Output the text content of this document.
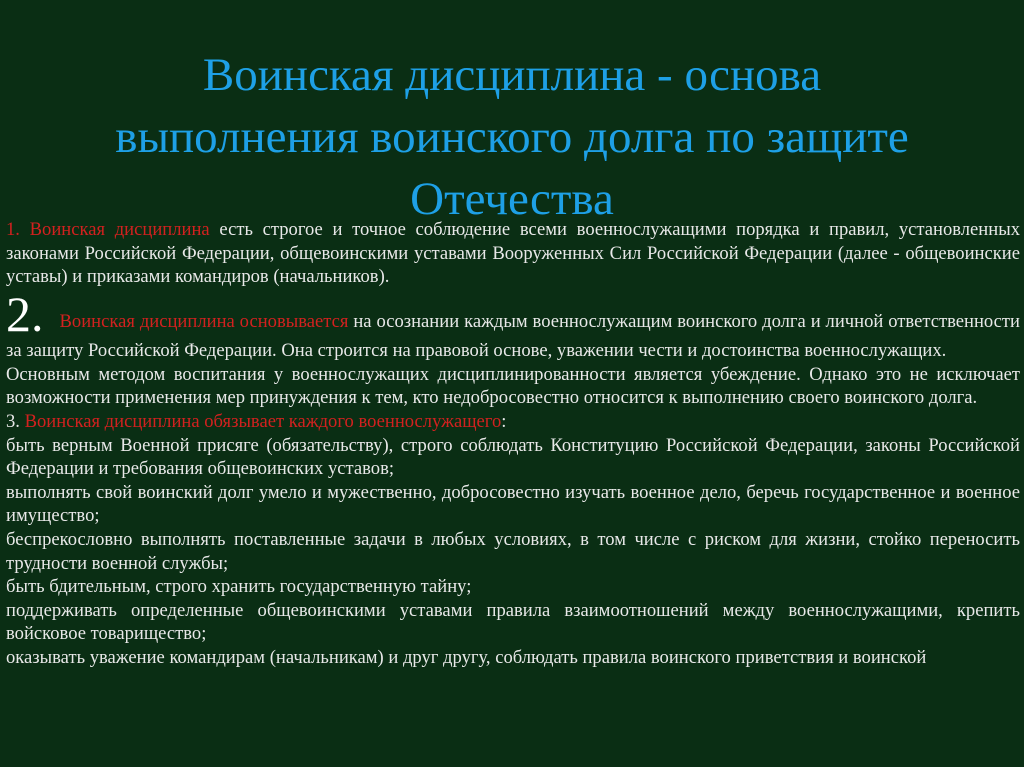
Воинская дисциплина - основа
выполнения воинского долга по защите
Отечества

1. Воинская дисциплина есть строгое и точное соблюдение всеми военнослужащими порядка и правил, установленных законами Российской Федерации, общевоинскими уставами Вооруженных Сил Российской Федерации (далее - общевоинские уставы) и приказами командиров (начальников).

2. Воинская дисциплина основывается на осознании каждым военнослужащим воинского долга и личной ответственности за защиту Российской Федерации. Она строится на правовой основе, уважении чести и достоинства военнослужащих.

Основным методом воспитания у военнослужащих дисциплинированности является убеждение. Однако это не исключает возможности применения мер принуждения к тем, кто недобросовестно относится к выполнению своего воинского долга.

3. Воинская дисциплина обязывает каждого военнослужащего:

быть верным Военной присяге (обязательству), строго соблюдать Конституцию Российской Федерации, законы Российской Федерации и требования общевоинских уставов;

выполнять свой воинский долг умело и мужественно, добросовестно изучать военное дело, беречь государственное и военное имущество;

беспрекословно выполнять поставленные задачи в любых условиях, в том числе с риском для жизни, стойко переносить трудности военной службы;

быть бдительным, строго хранить государственную тайну;

поддерживать определенные общевоинскими уставами правила взаимоотношений между военнослужащими, крепить войсковое товарищество;

оказывать уважение командирам (начальникам) и друг другу, соблюдать правила воинского приветствия и воинской
